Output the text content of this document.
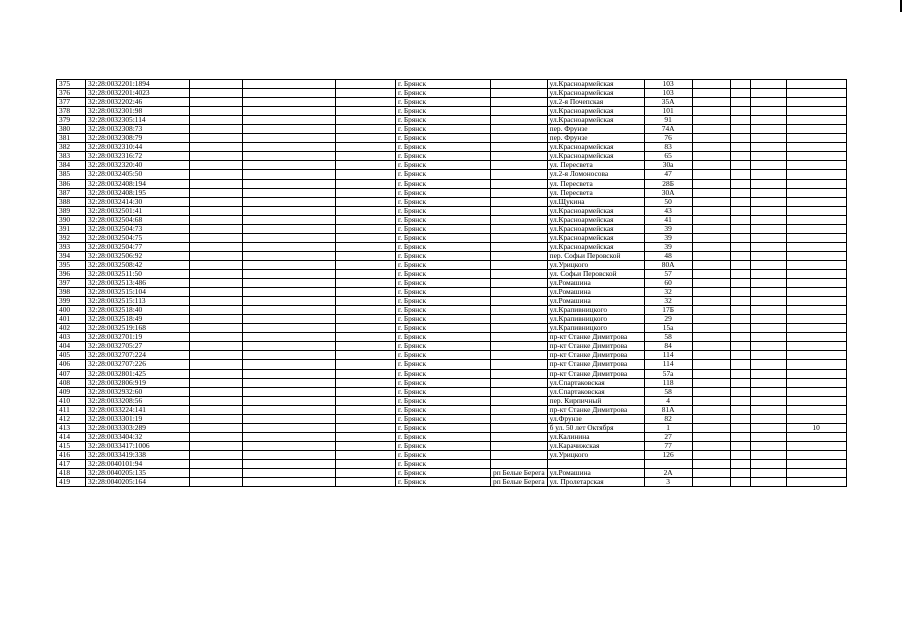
375	32:28:0032201:1894				г. Брянск		ул.Красноармейская	103				
376	32:28:0032201:4023				г. Брянск		ул.Красноармейская	103				
377	32:28:0032202:46				г. Брянск		ул.2-я Почепская	35А				
378	32:28:0032301:98				г. Брянск		ул.Красноармейская	101				
379	32:28:0032305:114				г. Брянск		ул.Красноармейская	91				
380	32:28:0032308:73				г. Брянск		пер. Фрунзе	74А				
381	32:28:0032308:79				г. Брянск		пер. Фрунзе	76				
382	32:28:0032310:44				г. Брянск		ул.Красноармейская	83				
383	32:28:0032316:72				г. Брянск		ул.Красноармейская	65				
384	32:28:0032320:40				г. Брянск		ул. Пересвета	30а				
385	32:28:0032405:50				г. Брянск		ул.2-я Ломоносова	47				
386	32:28:0032408:194				г. Брянск		ул. Пересвета	28Б				
387	32:28:0032408:195				г. Брянск		ул. Пересвета	30А				
388	32:28:0032414:30				г. Брянск		ул.Щукина	50				
389	32:28:0032501:41				г. Брянск		ул.Красноармейская	43				
390	32:28:0032504:68				г. Брянск		ул.Красноармейская	41				
391	32:28:0032504:73				г. Брянск		ул.Красноармейская	39				
392	32:28:0032504:75				г. Брянск		ул.Красноармейская	39				
393	32:28:0032504:77				г. Брянск		ул.Красноармейская	39				
394	32:28:0032506:92				г. Брянск		пер. Софьи Перовской	48				
395	32:28:0032508:42				г. Брянск		ул.Урицкого	80А				
396	32:28:0032511:50				г. Брянск		ул. Софьи Перовской	57				
397	32:28:0032513:486				г. Брянск		ул.Ромашина	60				
398	32:28:0032515:104				г. Брянск		ул.Ромашина	32				
399	32:28:0032515:113				г. Брянск		ул.Ромашина	32				
400	32:28:0032518:40				г. Брянск		ул.Крапивницкого	17Б				
401	32:28:0032518:49				г. Брянск		ул.Крапивницкого	29				
402	32:28:0032519:168				г. Брянск		ул.Крапивницкого	15а				
403	32:28:0032701:19				г. Брянск		пр-кт Станке Димитрова	58				
404	32:28:0032705:27				г. Брянск		пр-кт Станке Димитрова	84				
405	32:28:0032707:224				г. Брянск		пр-кт Станке Димитрова	114				
406	32:28:0032707:226				г. Брянск		пр-кт Станке Димитрова	114				
407	32:28:0032801:425				г. Брянск		пр-кт Станке Димитрова	57а				
408	32:28:0032806:919				г. Брянск		ул.Спартаковская	118				
409	32:28:0032932:60				г. Брянск		ул.Спартаковская	58				
410	32:28:0033208:56				г. Брянск		пер. Кирпичный	4				
411	32:28:0033224:141				г. Брянск		пр-кт Станке Димитрова	81А				
412	32:28:0033301:19				г. Брянск		ул.Фрунзе	82				
413	32:28:0033303:289				г. Брянск		б ул. 50 лет Октября	1				10
414	32:28:0033404:32				г. Брянск		ул.Калинина	27				
415	32:28:0033417:1006				г. Брянск		ул.Карачижская	77				
416	32:28:0033419:338				г. Брянск		ул.Урицкого	126				
417	32:28:0040101:94				г. Брянск							
418	32:28:0040205:135				г. Брянск	рп Белые Берега	ул.Ромашина	2А				
419	32:28:0040205:164				г. Брянск	рп Белые Берега	ул. Пролетарская	3				
